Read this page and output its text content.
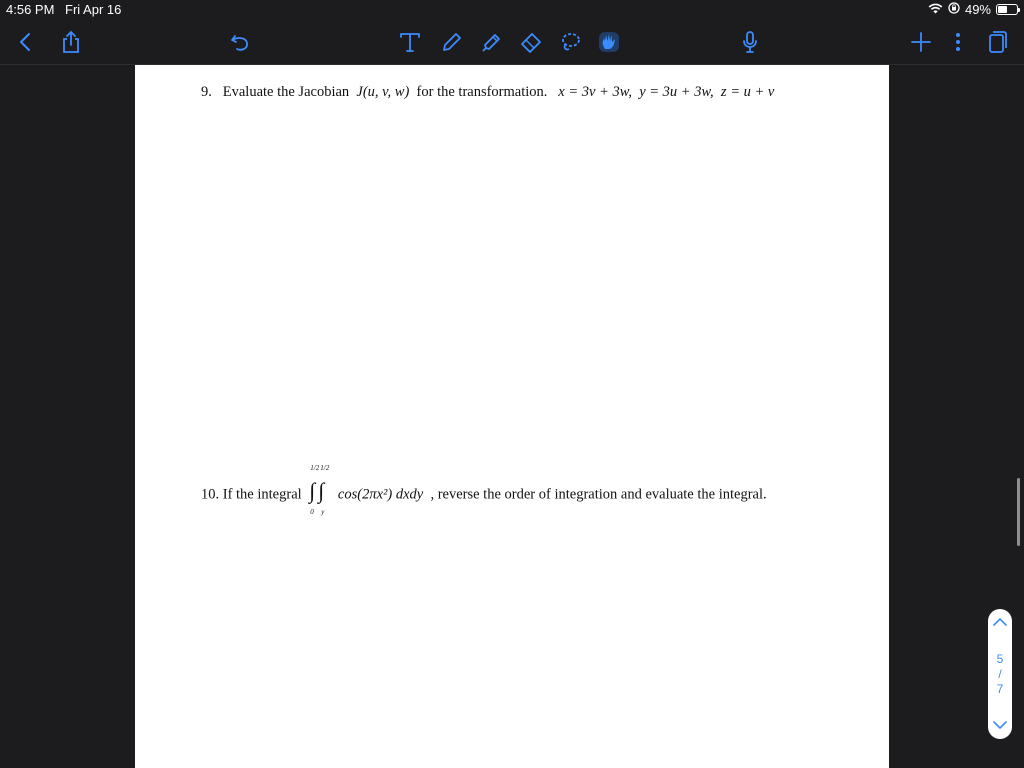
4:56 PM Fri Apr 16	49%
9. Evaluate the Jacobian J(u, v, w) for the transformation. x = 3v + 3w,  y = 3u + 3w,  z = u + v
10. If the integral
1/2 1/2
∫ ∫
0 y
cos(2πx²) dxdy , reverse the order of integration and evaluate the integral.
5
/
7
